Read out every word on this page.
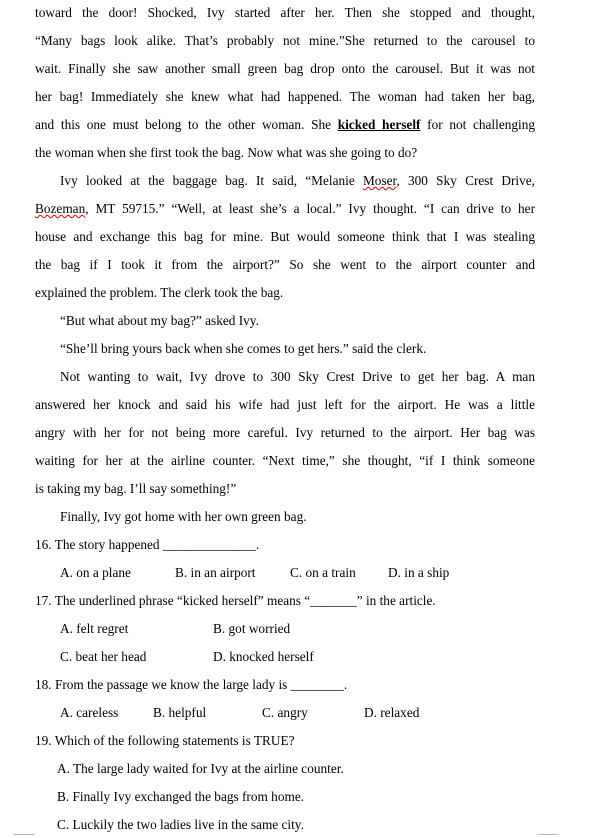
toward the door! Shocked, Ivy started after her. Then she stopped and thought,
“Many bags look alike. That’s probably not mine.”She returned to the carousel to
wait. Finally she saw another small green bag drop onto the carousel. But it was not
her bag! Immediately she knew what had happened. The woman had taken her bag,
and this one must belong to the other woman. She kicked herself for not challenging
the woman when she first took the bag. Now what was she going to do?
Ivy looked at the baggage bag. It said, “Melanie Moser, 300 Sky Crest Drive,
Bozeman, MT 59715.” “Well, at least she’s a local.” Ivy thought. “I can drive to her
house and exchange this bag for mine. But would someone think that I was stealing
the bag if I took it from the airport?” So she went to the airport counter and
explained the problem. The clerk took the bag.
“But what about my bag?” asked Ivy.
“She’ll bring yours back when she comes to get hers.” said the clerk.
Not wanting to wait, Ivy drove to 300 Sky Crest Drive to get her bag. A man
answered her knock and said his wife had just left for the airport. He was a little
angry with her for not being more careful. Ivy returned to the airport. Her bag was
waiting for her at the airline counter. “Next time,” she thought, “if I think someone
is taking my bag. I’ll say something!”
Finally, Ivy got home with her own green bag.
16. The story happened ______________.
A. on a plane	B. in an airport	C. on a train D. in a ship
17. The underlined phrase “kicked herself” means “_______” in the article.
A. felt regret	B. got worried
C. beat her head	D. knocked herself
18. From the passage we know the large lady is ________.
A. careless	B. helpful	C. angry	D. relaxed
19. Which of the following statements is TRUE?
A. The large lady waited for Ivy at the airline counter.
B. Finally Ivy exchanged the bags from home.
C. Luckily the two ladies live in the same city.
